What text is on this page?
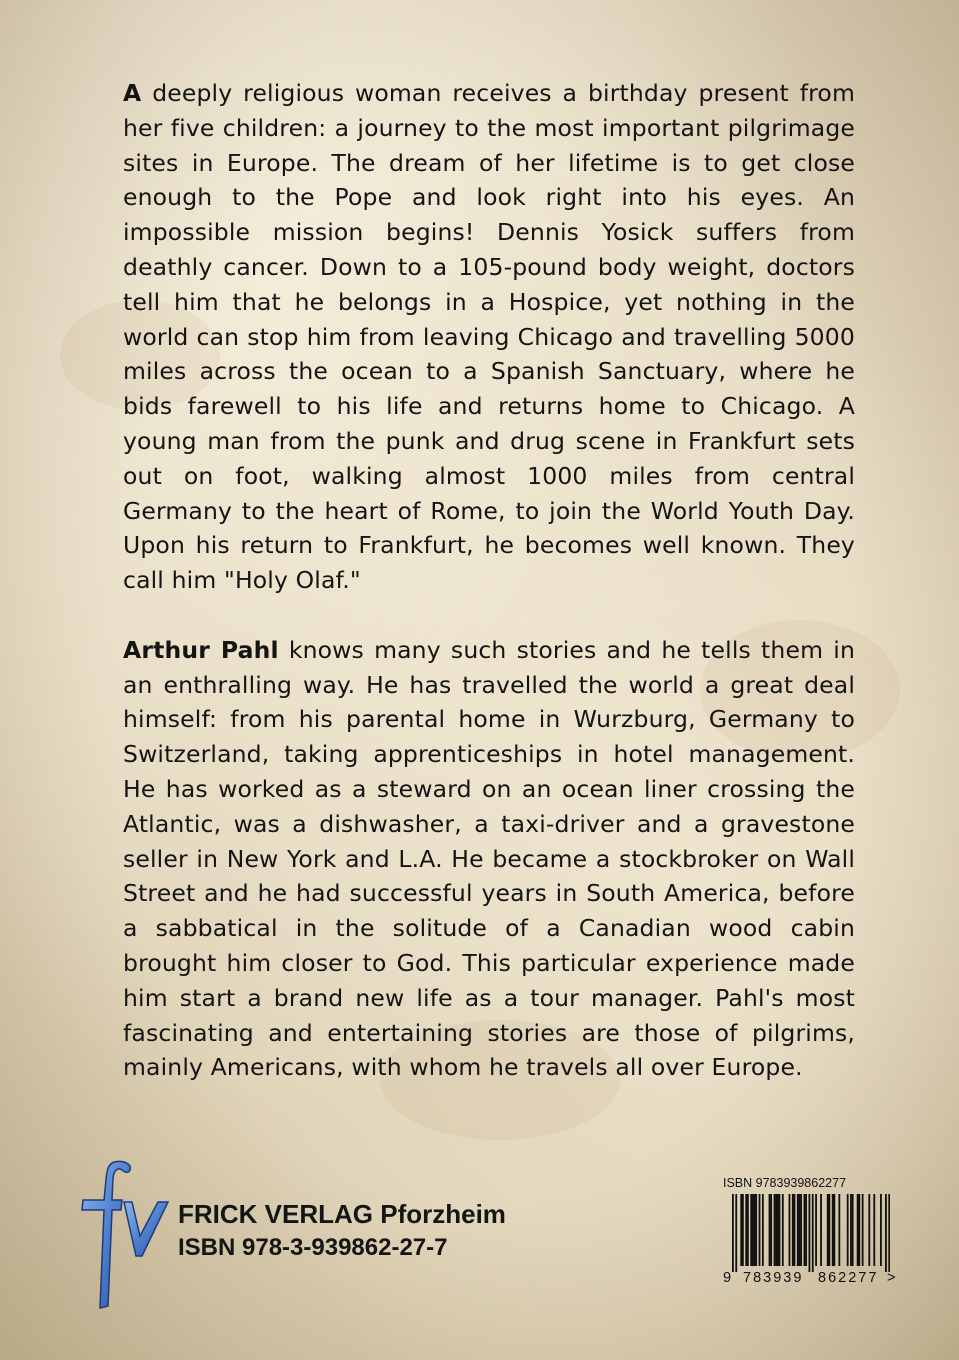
A deeply religious woman receives a birthday present from her five children: a journey to the most important pilgrimage sites in Europe. The dream of her lifetime is to get close enough to the Pope and look right into his eyes. An impossible mission begins! Dennis Yosick suffers from deathly cancer. Down to a 105-pound body weight, doctors tell him that he belongs in a Hospice, yet nothing in the world can stop him from leaving Chicago and travelling 5000 miles across the ocean to a Spanish Sanctuary, where he bids farewell to his life and returns home to Chicago. A young man from the punk and drug scene in Frankfurt sets out on foot, walking almost 1000 miles from central Germany to the heart of Rome, to join the World Youth Day. Upon his return to Frankfurt, he becomes well known. They call him "Holy Olaf."

Arthur Pahl knows many such stories and he tells them in an enthralling way. He has travelled the world a great deal himself: from his parental home in Wurzburg, Germany to Switzerland, taking apprenticeships in hotel management. He has worked as a steward on an ocean liner crossing the Atlantic, was a dishwasher, a taxi-driver and a gravestone seller in New York and L.A. He became a stockbroker on Wall Street and he had successful years in South America, before a sabbatical in the solitude of a Canadian wood cabin brought him closer to God. This particular experience made him start a brand new life as a tour manager. Pahl's most fascinating and entertaining stories are those of pilgrims, mainly Americans, with whom he travels all over Europe.

FRICK VERLAG Pforzheim
ISBN 978-3-939862-27-7
ISBN 9783939862277
9 783939 862277 >
